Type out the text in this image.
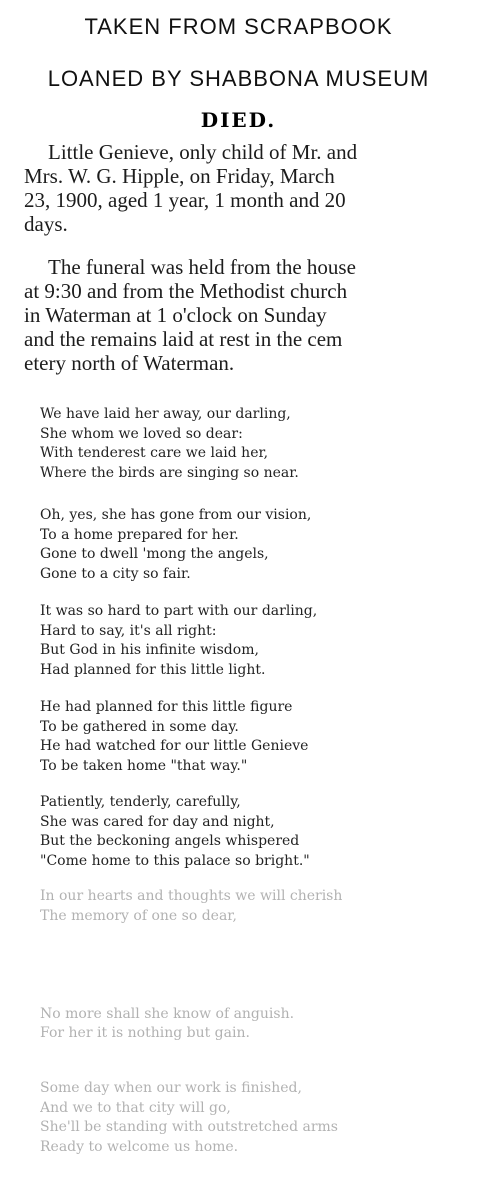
TAKEN FROM SCRAPBOOK
LOANED BY SHABBONA MUSEUM
DIED.
Little Genieve, only child of Mr. and
Mrs. W. G. Hipple, on Friday, March
23, 1900, aged 1 year, 1 month and 20
days.
The funeral was held from the house
at 9:30 and from the Methodist church
in Waterman at 1 o'clock on Sunday
and the remains laid at rest in the cem
etery north of Waterman.
We have laid her away, our darling,
She whom we loved so dear:
With tenderest care we laid her,
Where the birds are singing so near.
Oh, yes, she has gone from our vision,
To a home prepared for her.
Gone to dwell 'mong the angels,
Gone to a city so fair.
It was so hard to part with our darling,
Hard to say, it's all right:
But God in his infinite wisdom,
Had planned for this little light.
He had planned for this little figure
To be gathered in some day.
He had watched for our little Genieve
To be taken home "that way."
Patiently, tenderly, carefully,
She was cared for day and night,
But the beckoning angels whispered
"Come home to this palace so bright."
In our hearts and thoughts we will cherish
The memory of one so dear,
No more shall she know of anguish.
For her it is nothing but gain.
Some day when our work is finished,
And we to that city will go,
She'll be standing with outstretched arms
Ready to welcome us home.
